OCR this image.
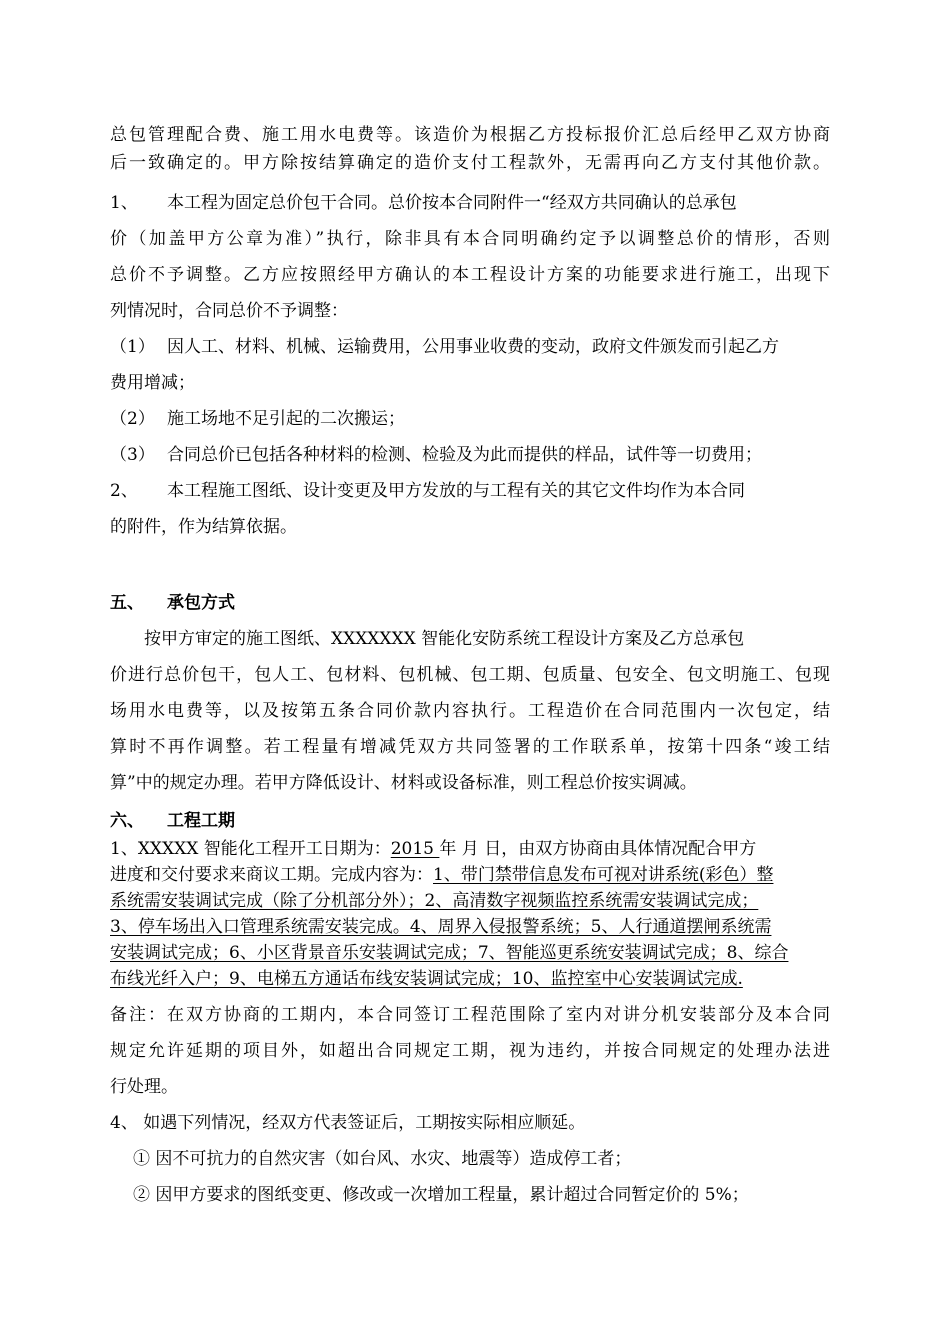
总包管理配合费、施工用水电费等。该造价为根据乙方投标报价汇总后经甲乙双方协商
后一致确定的。甲方除按结算确定的造价支付工程款外，无需再向乙方支付其他价款。
1、 本工程为固定总价包干合同。总价按本合同附件一“经双方共同确认的总承包
价（加盖甲方公章为准）”执行，除非具有本合同明确约定予以调整总价的情形，否则
总价不予调整。乙方应按照经甲方确认的本工程设计方案的功能要求进行施工，出现下
列情况时，合同总价不予调整：
（1） 因人工、材料、机械、运输费用，公用事业收费的变动，政府文件颁发而引起乙方
费用增减；
（2） 施工场地不足引起的二次搬运；
（3） 合同总价已包括各种材料的检测、检验及为此而提供的样品，试件等一切费用；
2、 本工程施工图纸、设计变更及甲方发放的与工程有关的其它文件均作为本合同
的附件，作为结算依据。
五、 承包方式
按甲方审定的施工图纸、XXXXXXX 智能化安防系统工程设计方案及乙方总承包
价进行总价包干，包人工、包材料、包机械、包工期、包质量、包安全、包文明施工、包现
场用水电费等，以及按第五条合同价款内容执行。工程造价在合同范围内一次包定，结
算时不再作调整。若工程量有增减凭双方共同签署的工作联系单，按第十四条“竣工结
算”中的规定办理。若甲方降低设计、材料或设备标准，则工程总价按实调减。
六、 工程工期
1、XXXXX 智能化工程开工日期为：2015 年 月 日，由双方协商由具体情况配合甲方
进度和交付要求来商议工期。完成内容为：1、带门禁带信息发布可视对讲系统(彩色）整
系统需安装调试完成（除了分机部分外）；2、高清数字视频监控系统需安装调试完成；
3、停车场出入口管理系统需安装完成。4、周界入侵报警系统；5、人行通道摆闸系统需
安装调试完成；6、小区背景音乐安装调试完成；7、智能巡更系统安装调试完成；8、综合
布线光纤入户；9、电梯五方通话布线安装调试完成；10、监控室中心安装调试完成.
备注：在双方协商的工期内，本合同签订工程范围除了室内对讲分机安装部分及本合同
规定允许延期的项目外，如超出合同规定工期，视为违约，并按合同规定的处理办法进
行处理。
4、 如遇下列情况，经双方代表签证后，工期按实际相应顺延。
① 因不可抗力的自然灾害（如台风、水灾、地震等）造成停工者；
② 因甲方要求的图纸变更、修改或一次增加工程量，累计超过合同暂定价的 5%；
